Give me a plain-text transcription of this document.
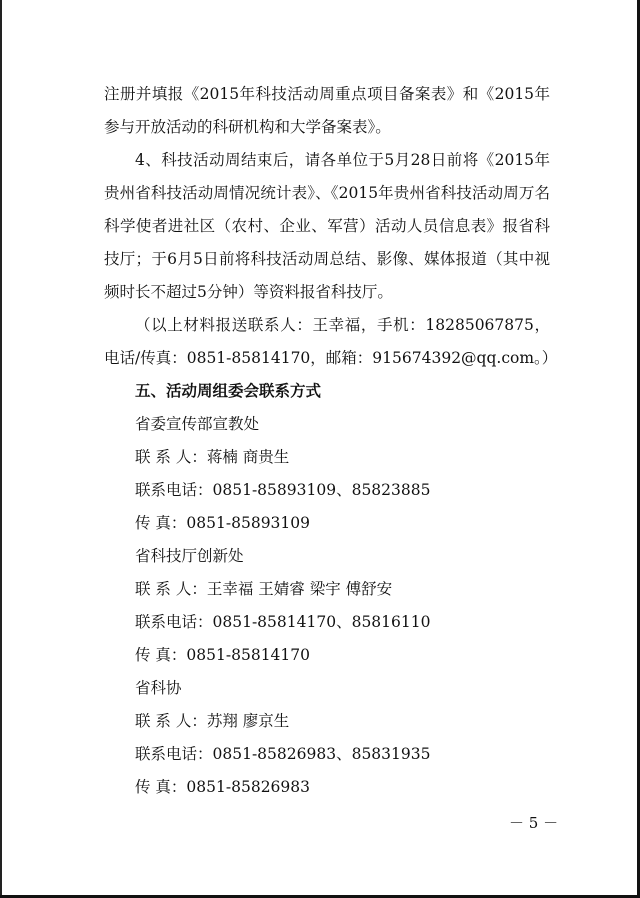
注册并填报《2015年科技活动周重点项目备案表》和《2015年参与开放活动的科研机构和大学备案表》。

4、科技活动周结束后，请各单位于5月28日前将《2015年贵州省科技活动周情况统计表》、《2015年贵州省科技活动周万名科学使者进社区（农村、企业、军营）活动人员信息表》报省科技厅；于6月5日前将科技活动周总结、影像、媒体报道（其中视频时长不超过5分钟）等资料报省科技厅。

（以上材料报送联系人：王幸福，手机：18285067875，电话/传真：0851-85814170，邮箱：915674392@qq.com。）

五、活动周组委会联系方式

省委宣传部宣教处

联 系 人：蒋楠 商贵生

联系电话：0851-85893109、85823885

传 真：0851-85893109

省科技厅创新处

联 系 人：王幸福 王婧睿 梁宇 傅舒安

联系电话：0851-85814170、85816110

传 真：0851-85814170

省科协

联 系 人：苏翔 廖京生

联系电话：0851-85826983、85831935

传 真：0851-85826983

－ 5 －
